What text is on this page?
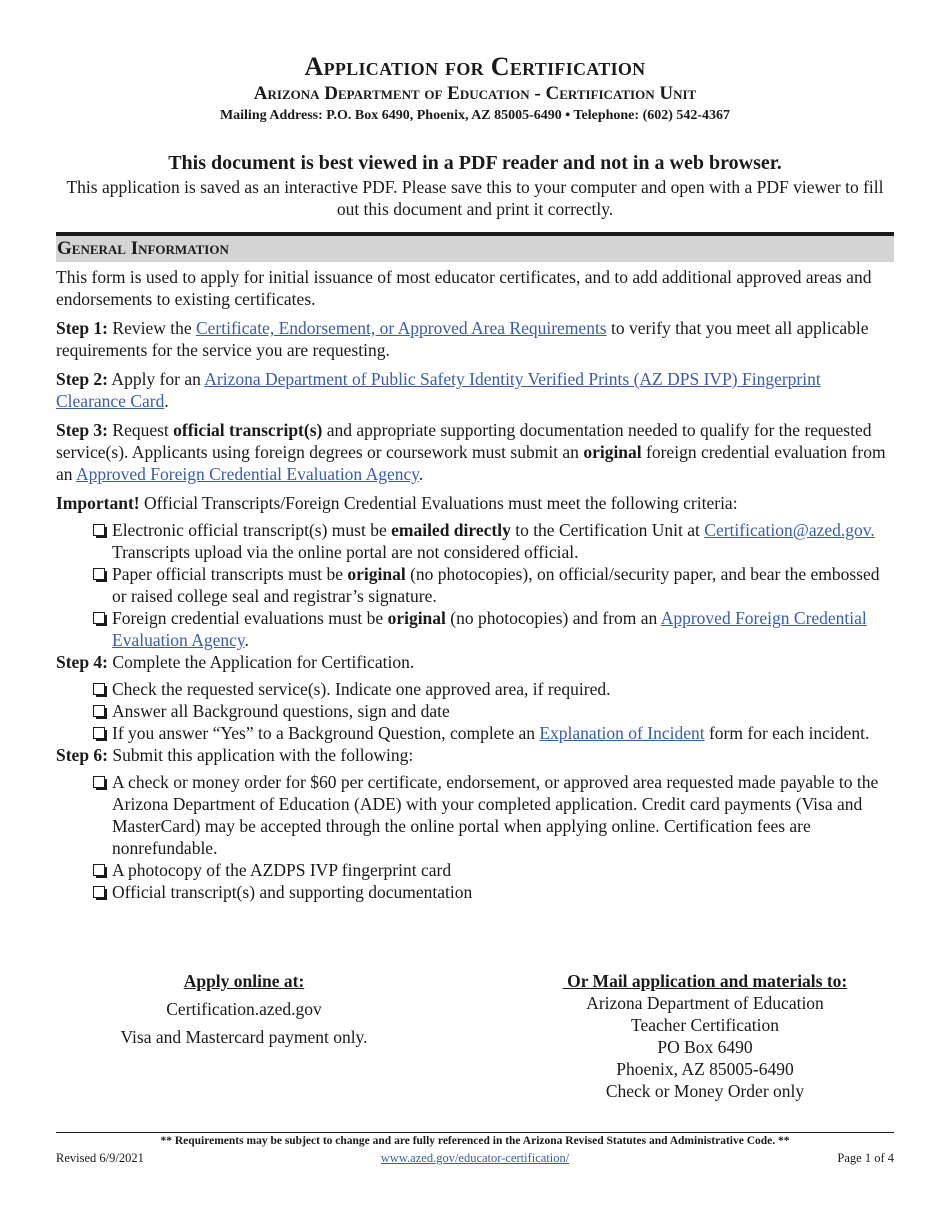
Application for Certification
Arizona Department of Education - Certification Unit
Mailing Address: P.O. Box 6490, Phoenix, AZ 85005-6490 • Telephone: (602) 542-4367
This document is best viewed in a PDF reader and not in a web browser.
This application is saved as an interactive PDF. Please save this to your computer and open with a PDF viewer to fill out this document and print it correctly.
General Information

This form is used to apply for initial issuance of most educator certificates, and to add additional approved areas and endorsements to existing certificates.

Step 1: Review the Certificate, Endorsement, or Approved Area Requirements to verify that you meet all applicable requirements for the service you are requesting.

Step 2: Apply for an Arizona Department of Public Safety Identity Verified Prints (AZ DPS IVP) Fingerprint Clearance Card.

Step 3: Request official transcript(s) and appropriate supporting documentation needed to qualify for the requested service(s). Applicants using foreign degrees or coursework must submit an original foreign credential evaluation from an Approved Foreign Credential Evaluation Agency.

Important! Official Transcripts/Foreign Credential Evaluations must meet the following criteria:

Electronic official transcript(s) must be emailed directly to the Certification Unit at Certification@azed.gov. Transcripts upload via the online portal are not considered official.
Paper official transcripts must be original (no photocopies), on official/security paper, and bear the embossed or raised college seal and registrar’s signature.
Foreign credential evaluations must be original (no photocopies) and from an Approved Foreign Credential Evaluation Agency.

Step 4: Complete the Application for Certification.

Check the requested service(s). Indicate one approved area, if required.
Answer all Background questions, sign and date
If you answer “Yes” to a Background Question, complete an Explanation of Incident form for each incident.

Step 6: Submit this application with the following:

A check or money order for $60 per certificate, endorsement, or approved area requested made payable to the Arizona Department of Education (ADE) with your completed application. Credit card payments (Visa and MasterCard) may be accepted through the online portal when applying online. Certification fees are nonrefundable.
A photocopy of the AZDPS IVP fingerprint card
Official transcript(s) and supporting documentation
Apply online at:
Certification.azed.gov
Visa and Mastercard payment only.
Or Mail application and materials to:
Arizona Department of Education
Teacher Certification
PO Box 6490
Phoenix, AZ 85005-6490
Check or Money Order only
** Requirements may be subject to change and are fully referenced in the Arizona Revised Statutes and Administrative Code. **
Revised 6/9/2021	www.azed.gov/educator-certification/	Page 1 of 4
